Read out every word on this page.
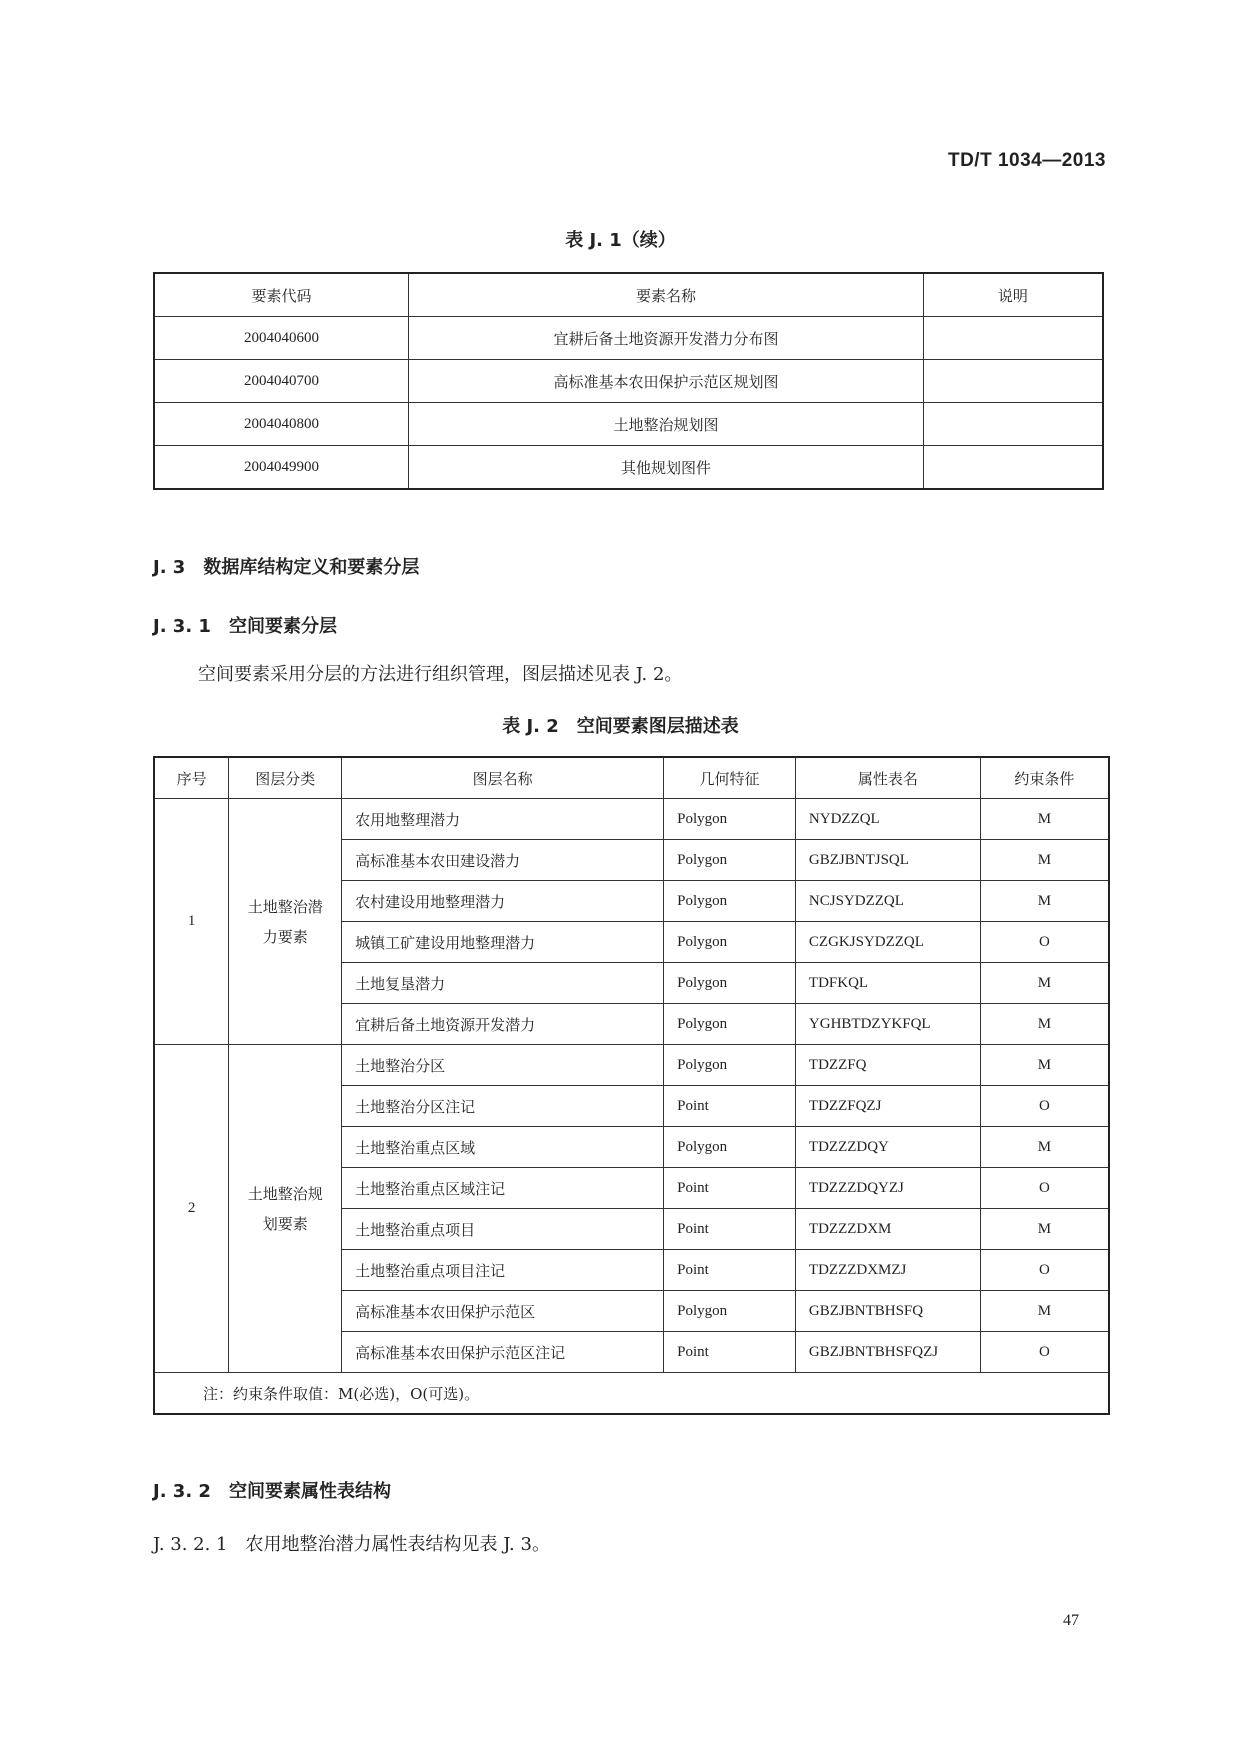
TD/T 1034—2013
表 J. 1（续）
要素代码	要素名称	说明
2004040600	宜耕后备土地资源开发潜力分布图	
2004040700	高标准基本农田保护示范区规划图	
2004040800	土地整治规划图	
2004049900	其他规划图件	
J. 3　数据库结构定义和要素分层
J. 3. 1　空间要素分层
空间要素采用分层的方法进行组织管理，图层描述见表 J. 2。
表 J. 2　空间要素图层描述表
序号	图层分类	图层名称	几何特征	属性表名	约束条件
1	土地整治潜力要素	农用地整理潜力	Polygon	NYDZZQL	M
		高标准基本农田建设潜力	Polygon	GBZJBNTJSQL	M
		农村建设用地整理潜力	Polygon	NCJSYDZZQL	M
		城镇工矿建设用地整理潜力	Polygon	CZGKJSYDZZQL	O
		土地复垦潜力	Polygon	TDFKQL	M
		宜耕后备土地资源开发潜力	Polygon	YGHBTDZYKFQL	M
2	土地整治规划要素	土地整治分区	Polygon	TDZZFQ	M
		土地整治分区注记	Point	TDZZFQZJ	O
		土地整治重点区域	Polygon	TDZZZDQY	M
		土地整治重点区域注记	Point	TDZZZDQYZJ	O
		土地整治重点项目	Point	TDZZZDXM	M
		土地整治重点项目注记	Point	TDZZZDXMZJ	O
		高标准基本农田保护示范区	Polygon	GBZJBNTBHSFQ	M
		高标准基本农田保护示范区注记	Point	GBZJBNTBHSFQZJ	O
注：约束条件取值：M(必选)，O(可选)。					
J. 3. 2　空间要素属性表结构
J. 3. 2. 1　农用地整治潜力属性表结构见表 J. 3。
47
